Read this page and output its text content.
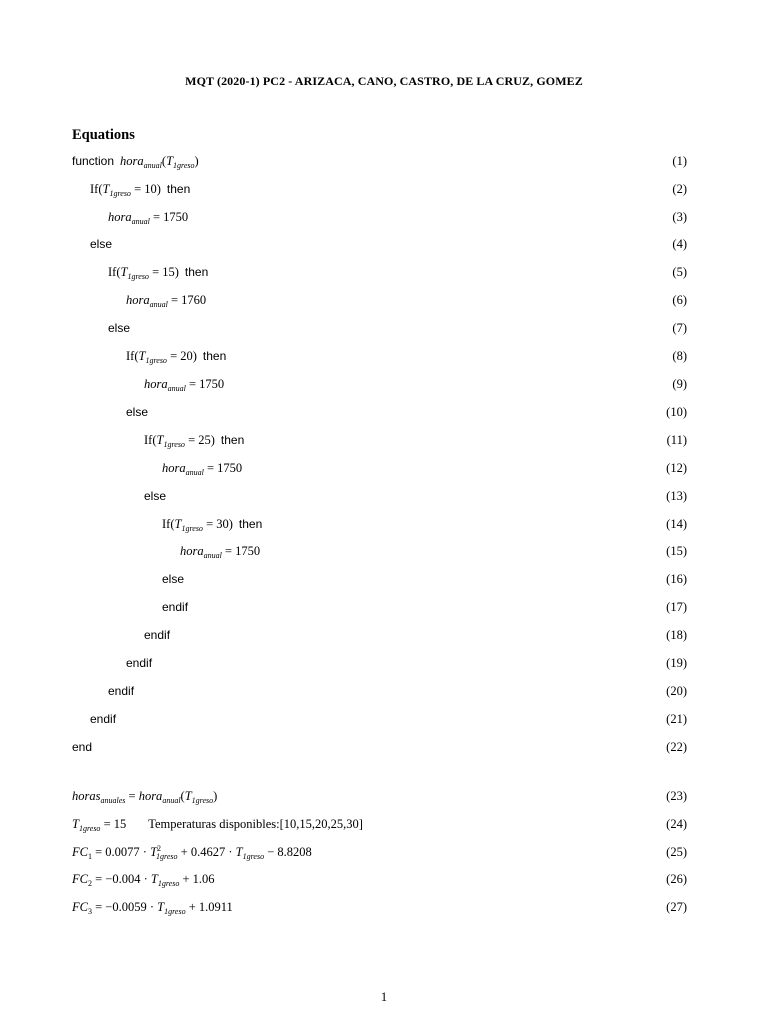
MQT (2020-1) PC2 - ARIZACA, CANO, CASTRO, DE LA CRUZ, GOMEZ
Equations
function $hora_{anual}(T_{1greso})$	(1)
$If(T_{1greso} = 10)$ then	(2)
hora$_{anual}$ = 1750	(3)
else	(4)
$If(T_{1greso} = 15)$ then	(5)
hora$_{anual}$ = 1760	(6)
else	(7)
$If(T_{1greso} = 20)$ then	(8)
hora$_{anual}$ = 1750	(9)
else	(10)
$If(T_{1greso} = 25)$ then	(11)
hora$_{anual}$ = 1750	(12)
else	(13)
$If(T_{1greso} = 30)$ then	(14)
hora$_{anual}$ = 1750	(15)
else	(16)
endif	(17)
endif	(18)
endif	(19)
endif	(20)
endif	(21)
end	(22)
horas$_{anuales}$ = $hora_{anual}(T_{1greso})$	(23)
$T_{1greso} = 15$ Temperaturas disponibles:[10,15,20,25,30]	(24)
$FC_1 = 0.0077 \cdot T^2_{1greso} + 0.4627 \cdot T_{1greso} - 8.8208$	(25)
$FC_2 = -0.004 \cdot T_{1greso} + 1.06$	(26)
$FC_3 = -0.0059 \cdot T_{1greso} + 1.0911$	(27)
1
